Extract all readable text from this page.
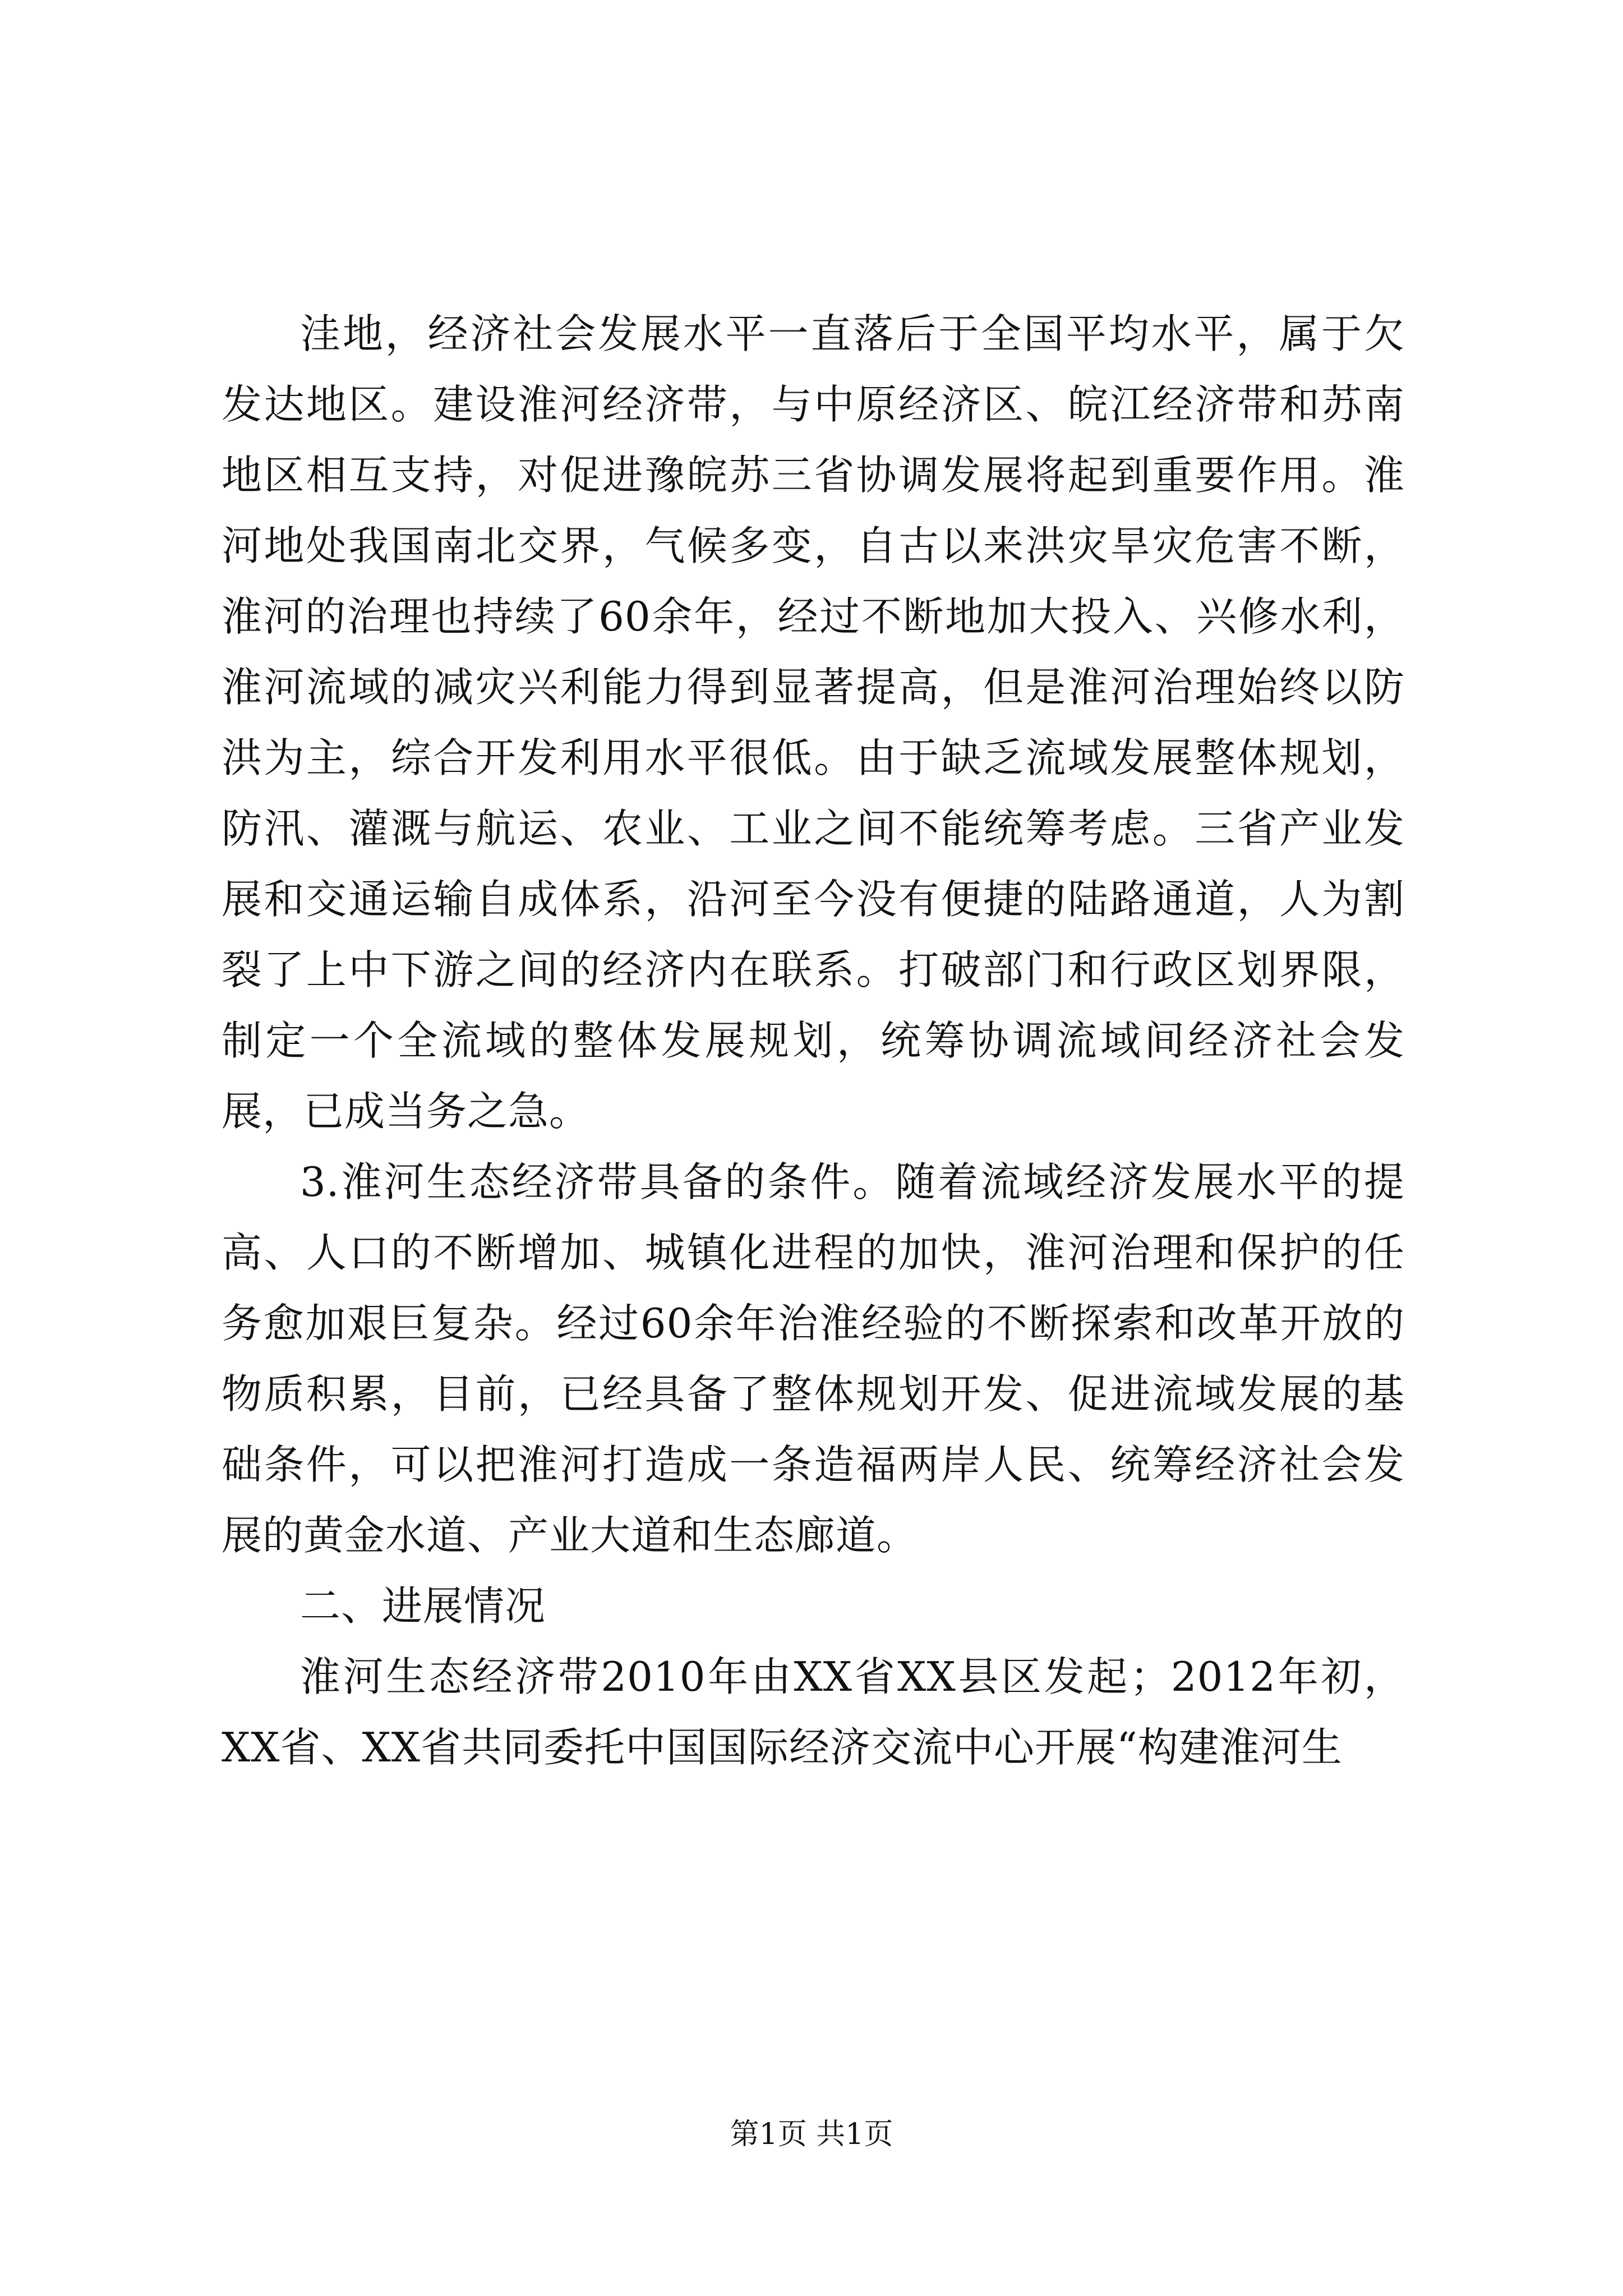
洼地，经济社会发展水平一直落后于全国平均水平，属于欠发达地区。建设淮河经济带，与中原经济区、皖江经济带和苏南地区相互支持，对促进豫皖苏三省协调发展将起到重要作用。淮河地处我国南北交界，气候多变，自古以来洪灾旱灾危害不断，淮河的治理也持续了60余年，经过不断地加大投入、兴修水利，淮河流域的减灾兴利能力得到显著提高，但是淮河治理始终以防洪为主，综合开发利用水平很低。由于缺乏流域发展整体规划，防汛、灌溉与航运、农业、工业之间不能统筹考虑。三省产业发展和交通运输自成体系，沿河至今没有便捷的陆路通道，人为割裂了上中下游之间的经济内在联系。打破部门和行政区划界限，制定一个全流域的整体发展规划，统筹协调流域间经济社会发展，已成当务之急。

3.淮河生态经济带具备的条件。随着流域经济发展水平的提高、人口的不断增加、城镇化进程的加快，淮河治理和保护的任务愈加艰巨复杂。经过60余年治淮经验的不断探索和改革开放的物质积累，目前，已经具备了整体规划开发、促进流域发展的基础条件，可以把淮河打造成一条造福两岸人民、统筹经济社会发展的黄金水道、产业大道和生态廊道。

二、进展情况

淮河生态经济带2010年由XX省XX县区发起；2012年初，XX省、XX省共同委托中国国际经济交流中心开展“构建淮河生

第1页 共1页
